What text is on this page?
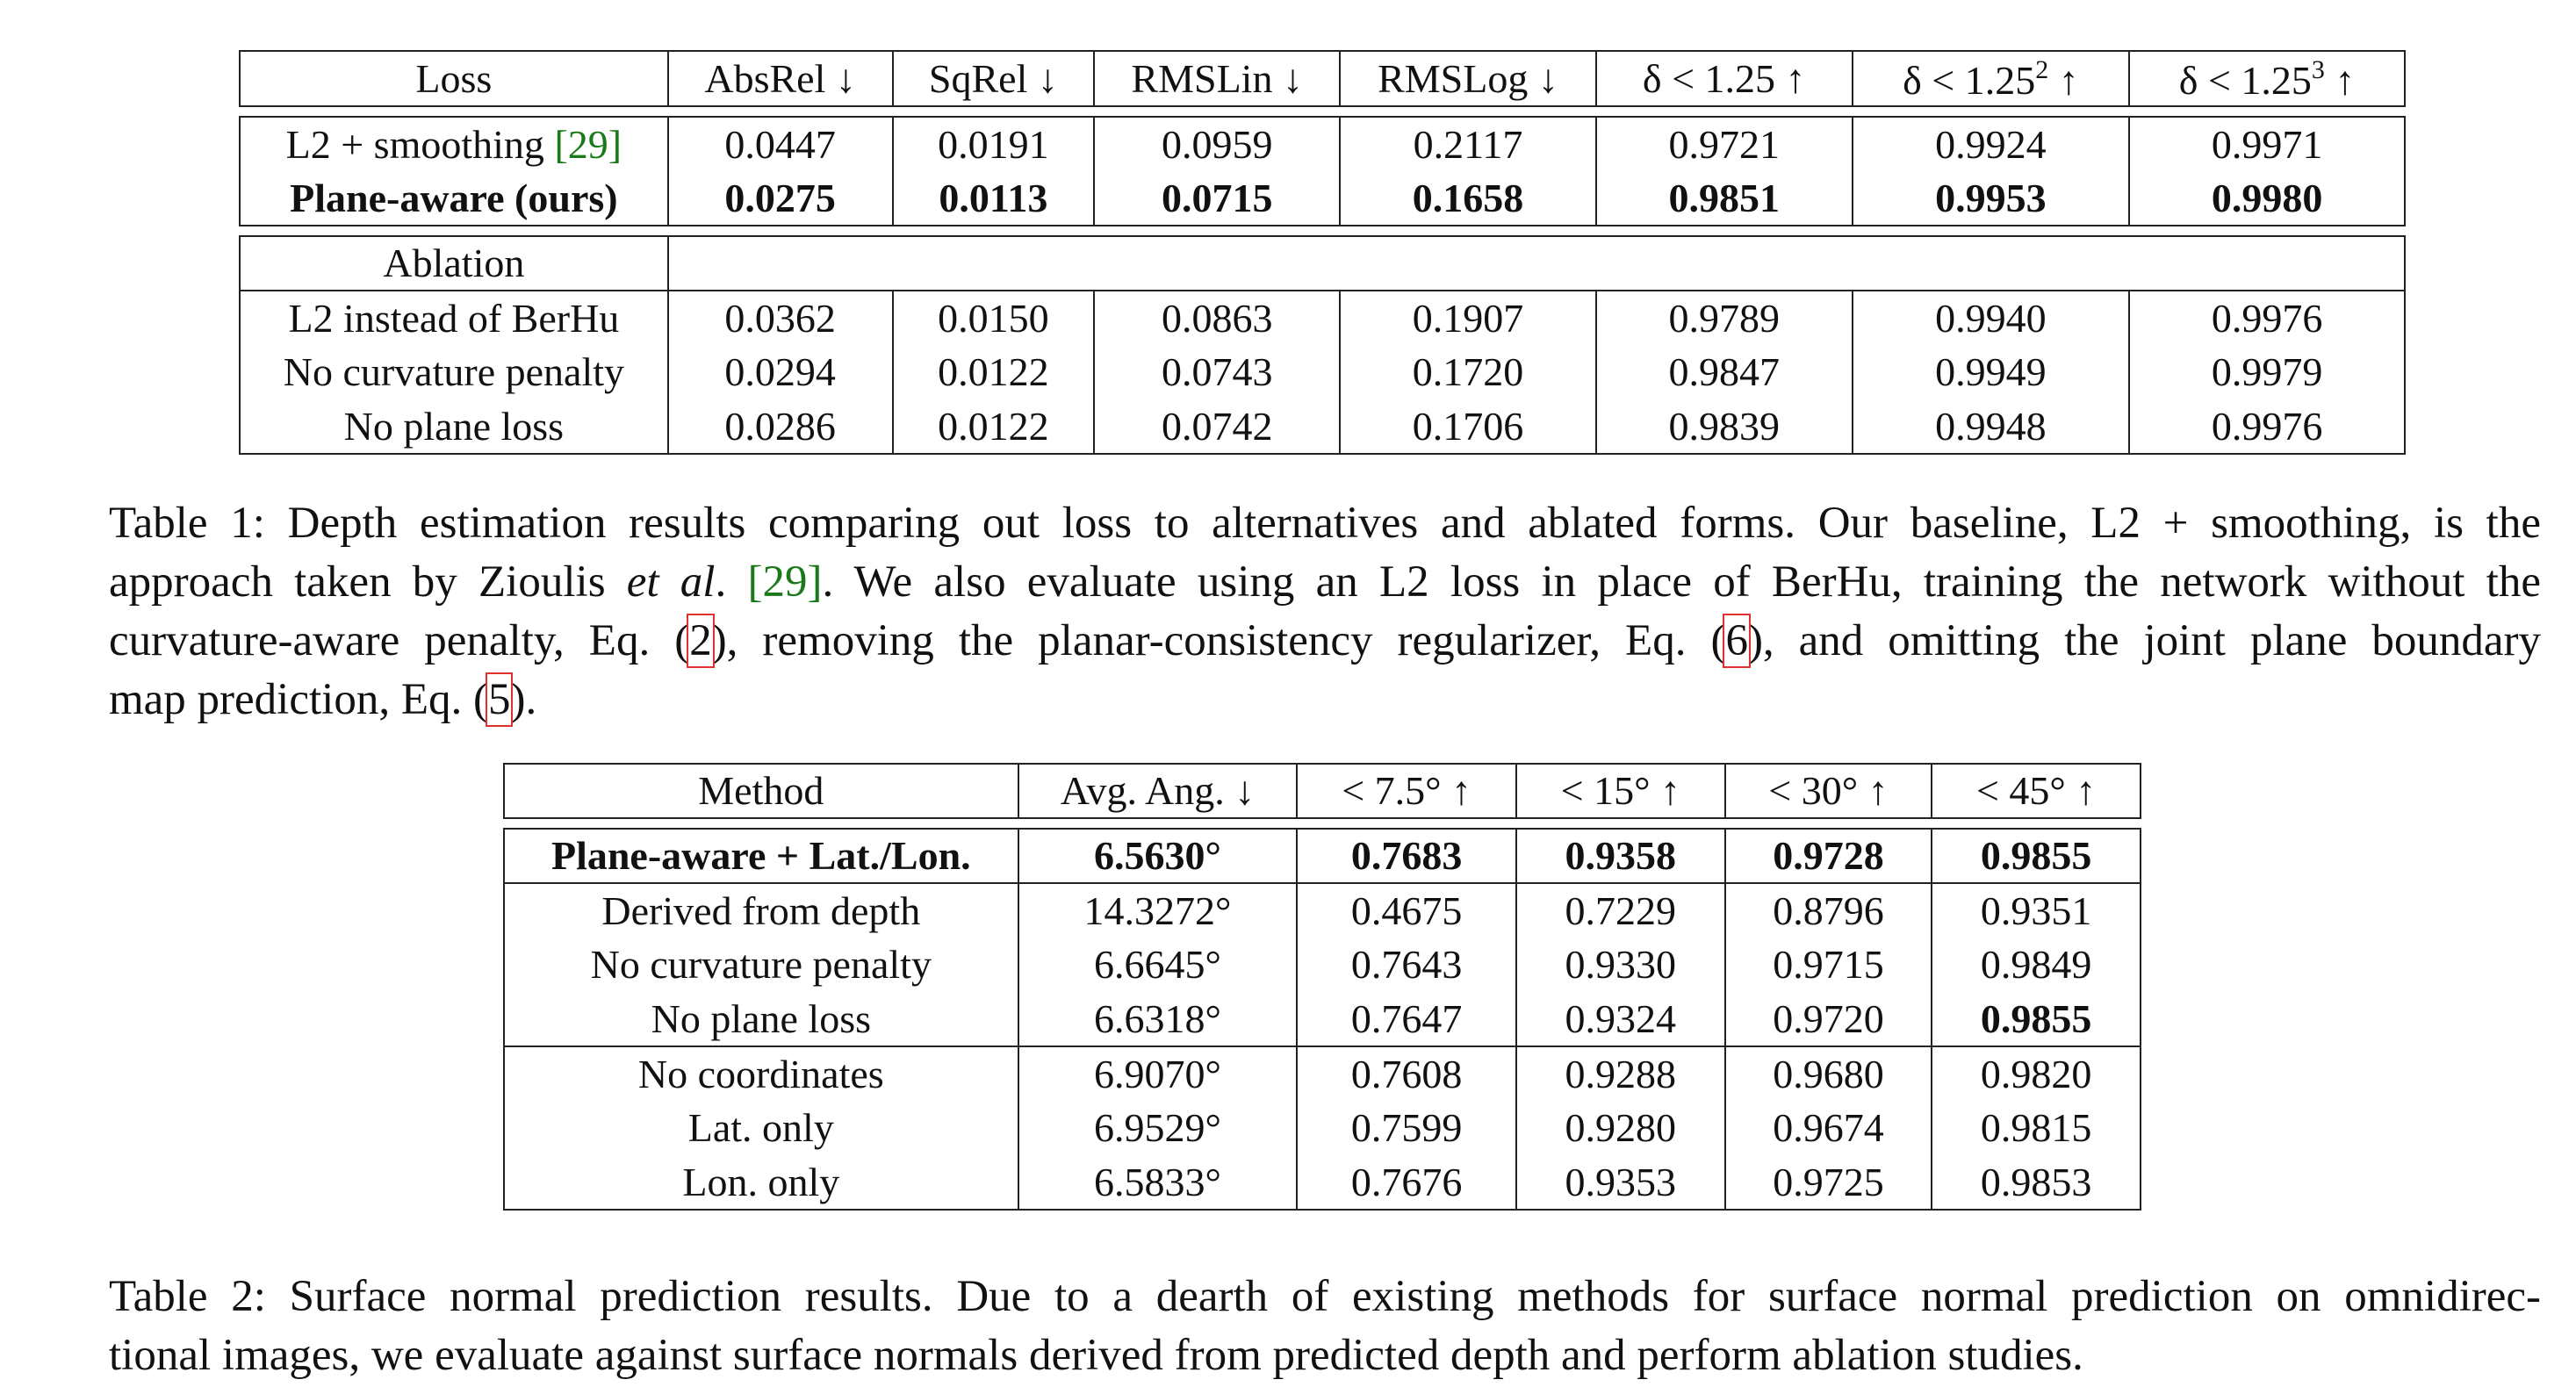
Loss	AbsRel ↓	SqRel ↓	RMSLin ↓	RMSLog ↓	δ < 1.25 ↑	$\delta < 1.25^2$ ↑	$\delta < 1.25^3$ ↑

L2 + smoothing [29]	0.0447	0.0191	0.0959	0.2117	0.9721	0.9924	0.9971
Plane-aware (ours)	0.0275	0.0113	0.0715	0.1658	0.9851	0.9953	0.9980

Ablation							
L2 instead of BerHu	0.0362	0.0150	0.0863	0.1907	0.9789	0.9940	0.9976
No curvature penalty	0.0294	0.0122	0.0743	0.1720	0.9847	0.9949	0.9979
No plane loss	0.0286	0.0122	0.0742	0.1706	0.9839	0.9948	0.9976
Table 1: Depth estimation results comparing out loss to alternatives and ablated forms. Our baseline, L2 + smoothing, is the
approach taken by Zioulis et al. [29]. We also evaluate using an L2 loss in place of BerHu, training the network without the
curvature-aware penalty, Eq. (2), removing the planar-consistency regularizer, Eq. (6), and omitting the joint plane boundary
map prediction, Eq. (5).
Method	Avg. Ang. ↓	< 7.5° ↑	< 15° ↑	< 30° ↑	< 45° ↑

Plane-aware + Lat./Lon.	6.5630°	0.7683	0.9358	0.9728	0.9855
Derived from depth	14.3272°	0.4675	0.7229	0.8796	0.9351
No curvature penalty	6.6645°	0.7643	0.9330	0.9715	0.9849
No plane loss	6.6318°	0.7647	0.9324	0.9720	0.9855
No coordinates	6.9070°	0.7608	0.9288	0.9680	0.9820
Lat. only	6.9529°	0.7599	0.9280	0.9674	0.9815
Lon. only	6.5833°	0.7676	0.9353	0.9725	0.9853
Table 2: Surface normal prediction results. Due to a dearth of existing methods for surface normal prediction on omnidirec-
tional images, we evaluate against surface normals derived from predicted depth and perform ablation studies.
